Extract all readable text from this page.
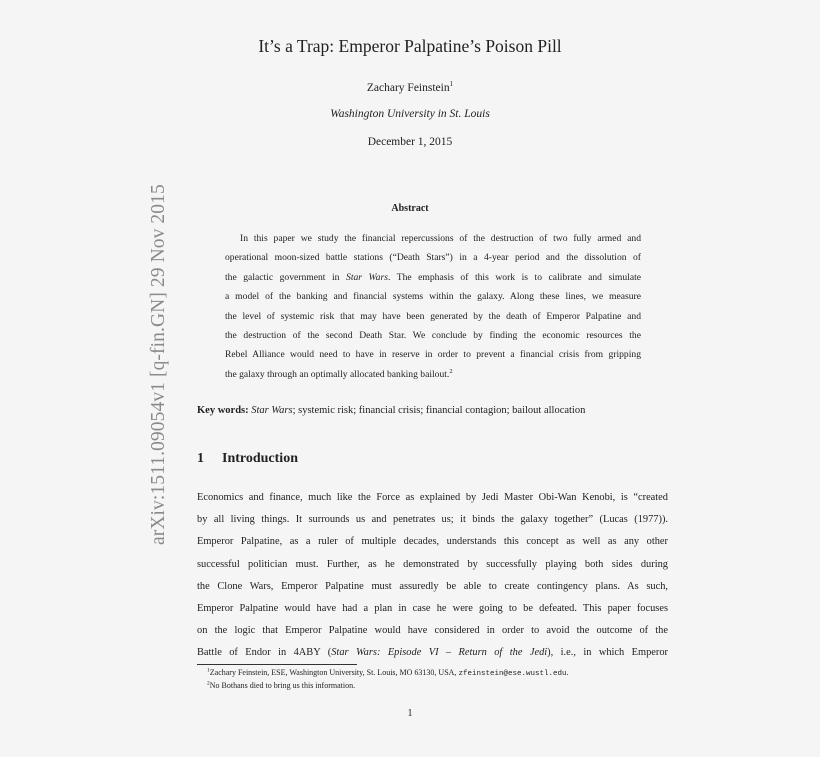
arXiv:1511.09054v1 [q-fin.GN] 29 Nov 2015
It’s a Trap: Emperor Palpatine’s Poison Pill
Zachary Feinstein$^1$
Washington University in St. Louis
December 1, 2015
Abstract
In this paper we study the financial repercussions of the destruction of two fully armed and
operational moon-sized battle stations (“Death Stars”) in a 4-year period and the dissolution of
the galactic government in Star Wars. The emphasis of this work is to calibrate and simulate
a model of the banking and financial systems within the galaxy. Along these lines, we measure
the level of systemic risk that may have been generated by the death of Emperor Palpatine and
the destruction of the second Death Star. We conclude by finding the economic resources the
Rebel Alliance would need to have in reserve in order to prevent a financial crisis from gripping
the galaxy through an optimally allocated banking bailout.$^2$
Key words: Star Wars; systemic risk; financial crisis; financial contagion; bailout allocation
1 Introduction
Economics and finance, much like the Force as explained by Jedi Master Obi-Wan Kenobi, is “created
by all living things. It surrounds us and penetrates us; it binds the galaxy together” (Lucas (1977)).
Emperor Palpatine, as a ruler of multiple decades, understands this concept as well as any other
successful politician must. Further, as he demonstrated by successfully playing both sides during
the Clone Wars, Emperor Palpatine must assuredly be able to create contingency plans. As such,
Emperor Palpatine would have had a plan in case he were going to be defeated. This paper focuses
on the logic that Emperor Palpatine would have considered in order to avoid the outcome of the
Battle of Endor in 4ABY (Star Wars: Episode VI – Return of the Jedi), i.e., in which Emperor
$^1$Zachary Feinstein, ESE, Washington University, St. Louis, MO 63130, USA, zfeinstein@ese.wustl.edu.
$^2$No Bothans died to bring us this information.
1
